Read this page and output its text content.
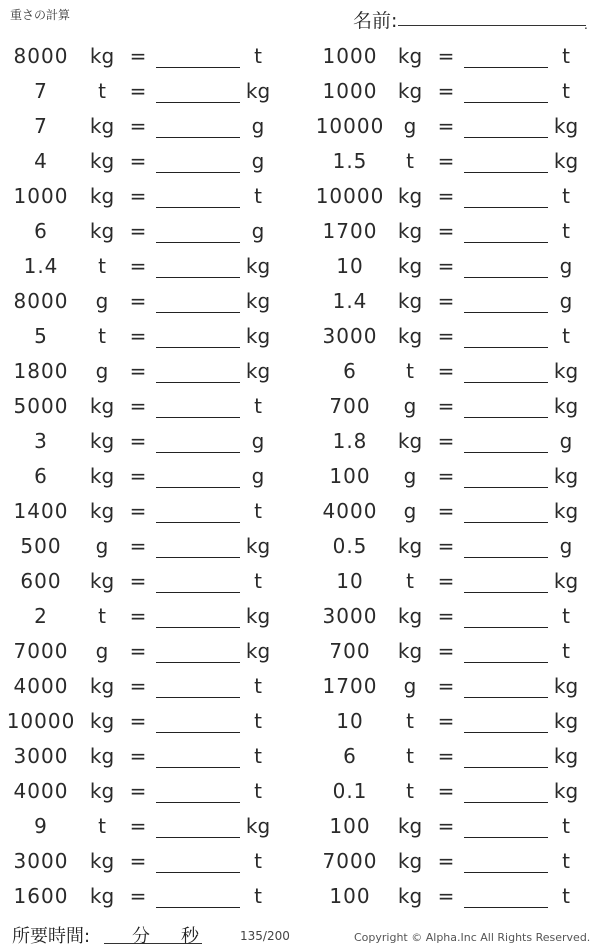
重さの計算	名前:	.
8000	kg =	t	1000	kg =	t
7	t	=	kg	1000	kg =	t
7	kg =	g	10000 g	=	kg
4	kg =	g	1.5	t	=	kg
1000	kg =	t	10000 kg =	t
6	kg =	g	1700	kg =	t
1.4	t	=	kg	10	kg =	g
8000	g	=	kg	1.4	kg =	g
5	t	=	kg	3000	kg =	t
1800	g	=	kg	6	t	=	kg
5000	kg =	t	700	g	=	kg
3	kg =	g	1.8	kg =	g
6	kg =	g	100	g	=	kg
1400	kg =	t	4000	g	=	kg
500	g	=	kg	0.5	kg =	g
600	kg =	t	10	t	=	kg
2	t	=	kg	3000	kg =	t
7000	g	=	kg	700	kg =	t
4000	kg =	t	1700	g	=	kg
10000 kg =	t	10	t	=	kg
3000	kg =	t	6	t	=	kg
4000	kg =	t	0.1	t	=	kg
9	t	=	kg	100	kg =	t
3000	kg =	t	7000	kg =	t
1600	kg =	t	100	kg =	t
所要時間: 分 秒	135/200	Copyright © Alpha.Inc All Rights Reserved.
